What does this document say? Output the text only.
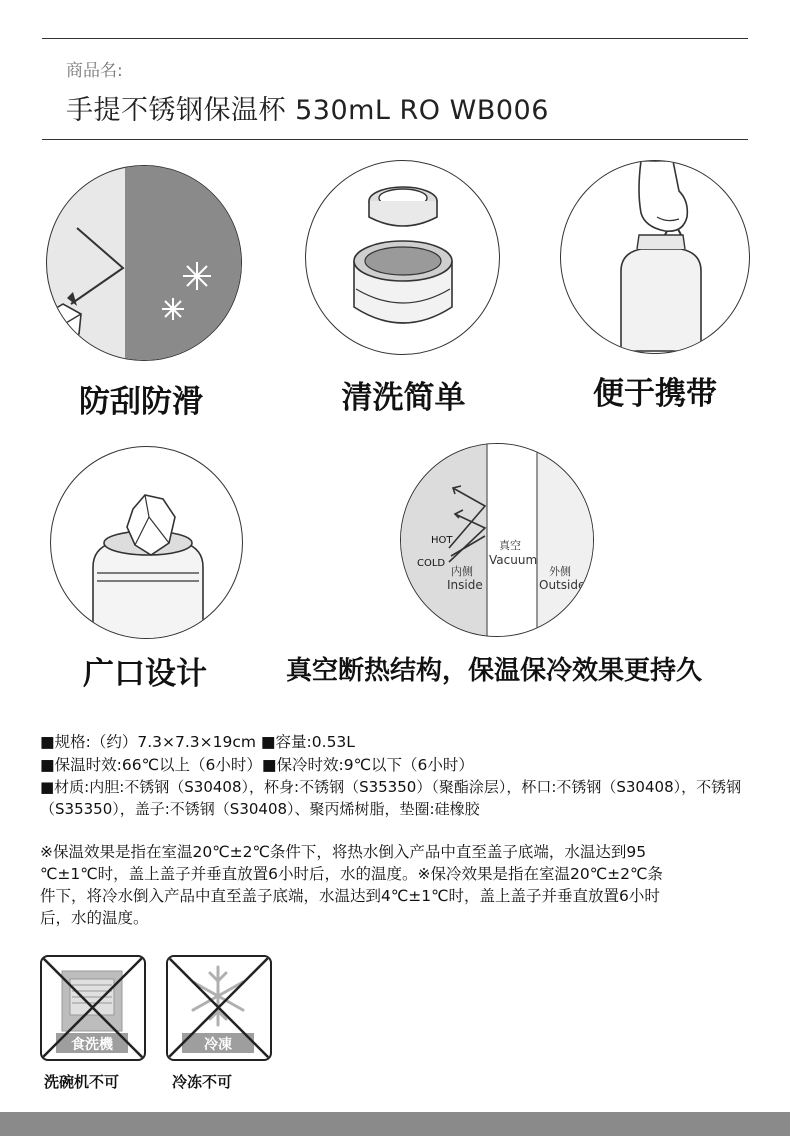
商品名:
手提不锈钢保温杯 530mL RO WB006
防刮防滑	清洗简单	便于携带
广口设计
HOT
COLD
内侧
Inside
真空
Vacuum
外侧
Outside
真空断热结构，保温保冷效果更持久
■规格:（约）7.3×7.3×19cm ■容量:0.53L
■保温时效:66℃以上（6小时）■保冷时效:9℃以下（6小时）
■材质:内胆:不锈钢（S30408），杯身:不锈钢（S35350）（聚酯涂层），杯口:不锈钢（S30408），不锈钢
（S35350），盖子:不锈钢（S30408）、聚丙烯树脂，垫圈:硅橡胶
※保温效果是指在室温20℃±2℃条件下，将热水倒入产品中直至盖子底端，水温达到95
℃±1℃时，盖上盖子并垂直放置6小时后，水的温度。※保冷效果是指在室温20℃±2℃条
件下，将冷水倒入产品中直至盖子底端，水温达到4℃±1℃时，盖上盖子并垂直放置6小时
后，水的温度。
食洗機
洗碗机不可
冷凍
冷冻不可
